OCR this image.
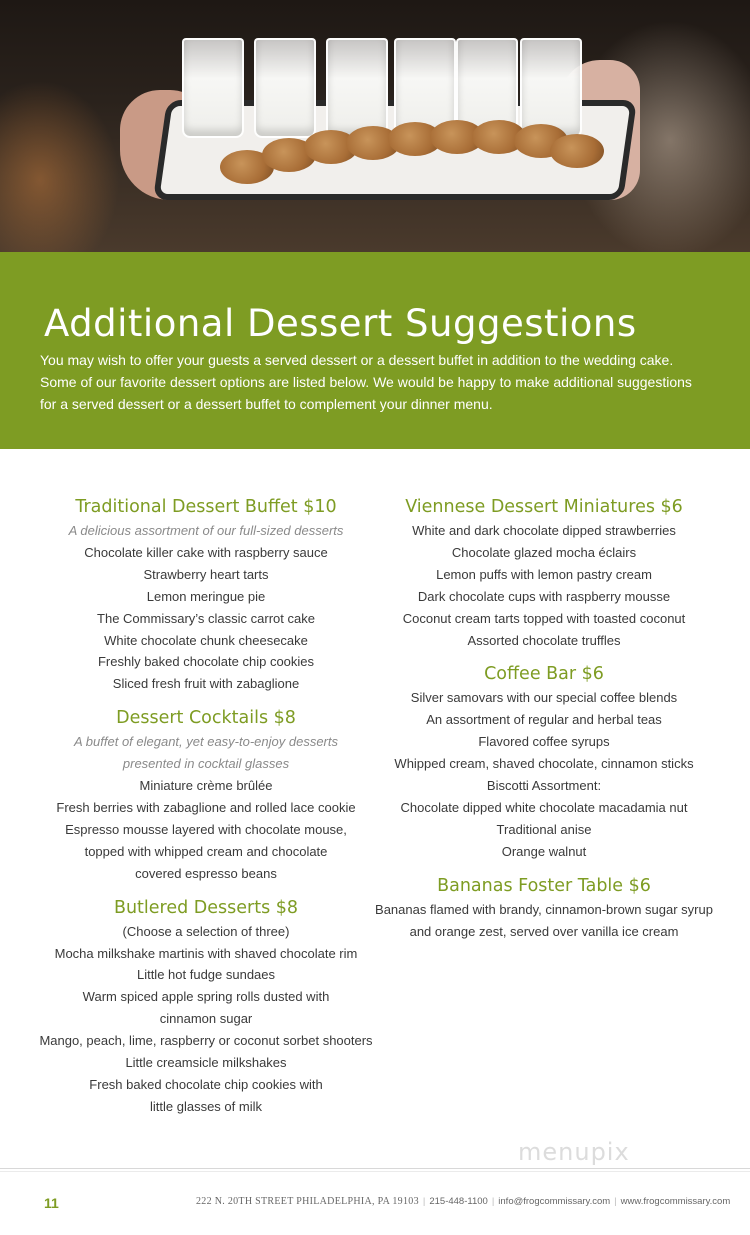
Additional Dessert Suggestions

You may wish to offer your guests a served dessert or a dessert buffet in addition to the wedding cake. Some of our favorite dessert options are listed below. We would be happy to make additional suggestions for a served dessert or a dessert buffet to complement your dinner menu.

Traditional Dessert Buffet $10
A delicious assortment of our full-sized desserts
Chocolate killer cake with raspberry sauce
Strawberry heart tarts
Lemon meringue pie
The Commissary’s classic carrot cake
White chocolate chunk cheesecake
Freshly baked chocolate chip cookies
Sliced fresh fruit with zabaglione
Dessert Cocktails $8
A buffet of elegant, yet easy-to-enjoy desserts
presented in cocktail glasses
Miniature crème brûlée
Fresh berries with zabaglione and rolled lace cookie
Espresso mousse layered with chocolate mouse,
topped with whipped cream and chocolate
covered espresso beans
Butlered Desserts $8
(Choose a selection of three)
Mocha milkshake martinis with shaved chocolate rim
Little hot fudge sundaes
Warm spiced apple spring rolls dusted with
cinnamon sugar
Mango, peach, lime, raspberry or coconut sorbet shooters
Little creamsicle milkshakes
Fresh baked chocolate chip cookies with
little glasses of milk
Viennese Dessert Miniatures $6
White and dark chocolate dipped strawberries
Chocolate glazed mocha éclairs
Lemon puffs with lemon pastry cream
Dark chocolate cups with raspberry mousse
Coconut cream tarts topped with toasted coconut
Assorted chocolate truffles
Coffee Bar $6
Silver samovars with our special coffee blends
An assortment of regular and herbal teas
Flavored coffee syrups
Whipped cream, shaved chocolate, cinnamon sticks
Biscotti Assortment:
Chocolate dipped white chocolate macadamia nut
Traditional anise
Orange walnut
Bananas Foster Table $6
Bananas flamed with brandy, cinnamon-brown sugar syrup
and orange zest, served over vanilla ice cream
menupix
11	222 N. 20TH STREET PHILADELPHIA, PA 19103 | 215-448-1100 | info@frogcommissary.com | www.frogcommissary.com
